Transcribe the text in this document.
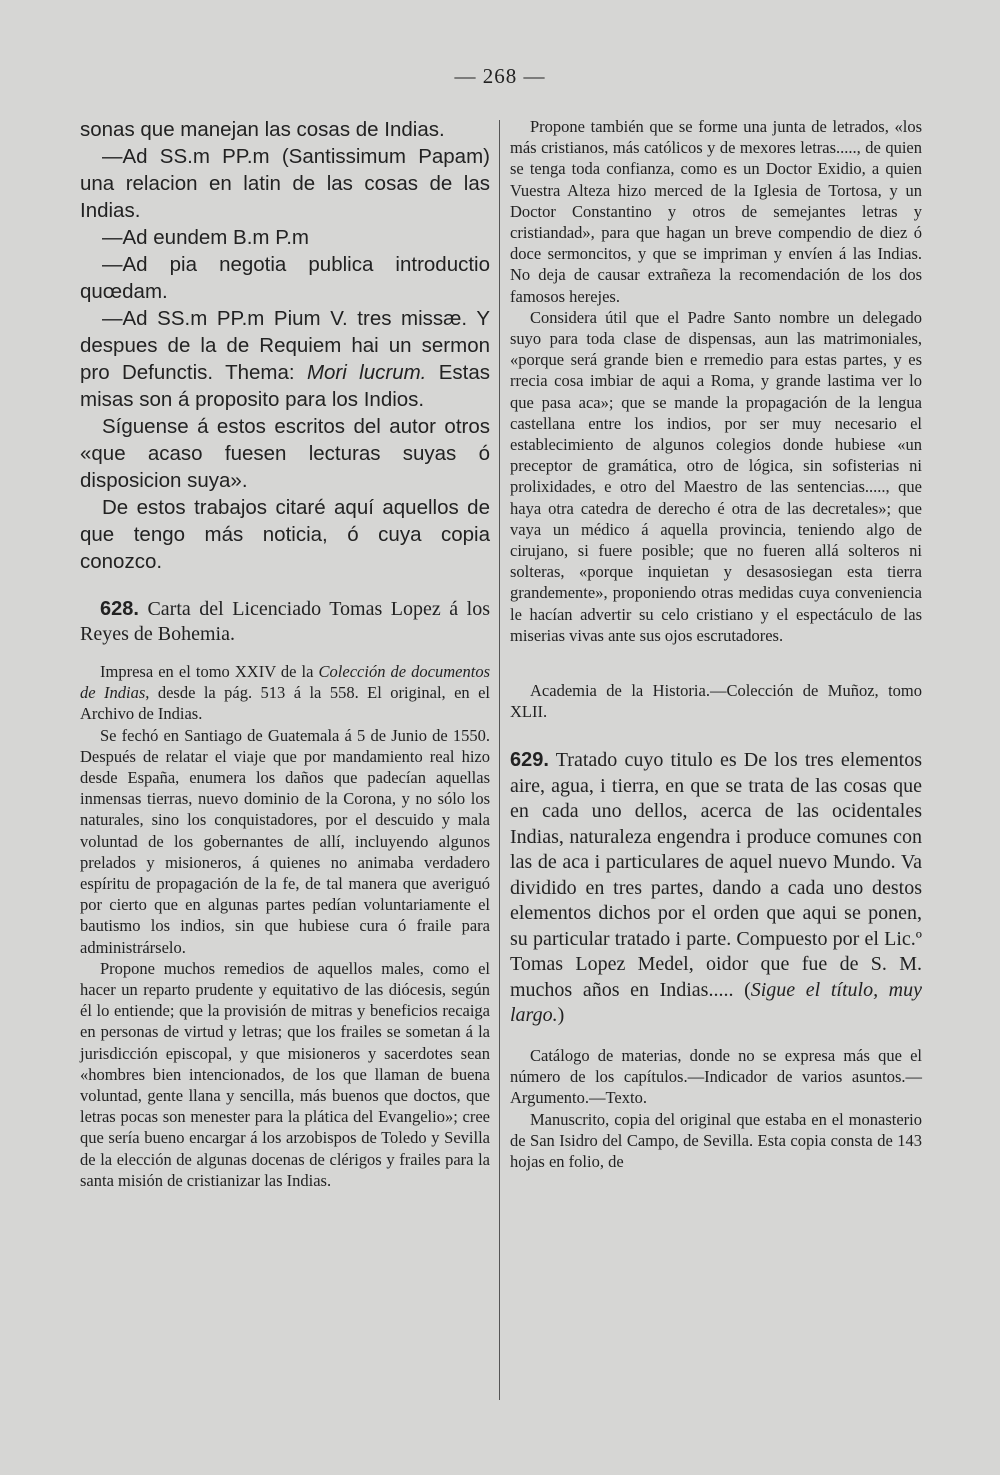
— 268 —

sonas que manejan las cosas de Indias.

—Ad SS.m PP.m (Santissimum Papam) una relacion en latin de las cosas de las Indias.

—Ad eundem B.m P.m

—Ad pia negotia publica introductio quœdam.

—Ad SS.m PP.m Pium V. tres missæ. Y despues de la de Requiem hai un sermon pro Defunctis. Thema: Mori lucrum. Estas misas son á proposito para los Indios.

Síguense á estos escritos del autor otros «que acaso fuesen lecturas suyas ó disposicion suya».

De estos trabajos citaré aquí aquellos de que tengo más noticia, ó cuya copia conozco.

628. Carta del Licenciado Tomas Lopez á los Reyes de Bohemia.

Impresa en el tomo XXIV de la Colección de documentos de Indias, desde la pág. 513 á la 558. El original, en el Archivo de Indias.

Se fechó en Santiago de Guatemala á 5 de Junio de 1550. Después de relatar el viaje que por mandamiento real hizo desde España, enumera los daños que padecían aquellas inmensas tierras, nuevo dominio de la Corona, y no sólo los naturales, sino los conquistadores, por el descuido y mala voluntad de los gobernantes de allí, incluyendo algunos prelados y misioneros, á quienes no animaba verdadero espíritu de propagación de la fe, de tal manera que averiguó por cierto que en algunas partes pedían voluntariamente el bautismo los indios, sin que hubiese cura ó fraile para administrárselo.

Propone muchos remedios de aquellos males, como el hacer un reparto prudente y equitativo de las diócesis, según él lo entiende; que la provisión de mitras y beneficios recaiga en personas de virtud y letras; que los frailes se sometan á la jurisdicción episcopal, y que misioneros y sacerdotes sean «hombres bien intencionados, de los que llaman de buena voluntad, gente llana y sencilla, más buenos que doctos, que letras pocas son menester para la plática del Evangelio»; cree que sería bueno encargar á los arzobispos de Toledo y Sevilla de la elección de algunas docenas de clérigos y frailes para la santa misión de cristianizar las Indias.

Propone también que se forme una junta de letrados, «los más cristianos, más católicos y de mexores letras....., de quien se tenga toda confianza, como es un Doctor Exidio, a quien Vuestra Alteza hizo merced de la Iglesia de Tortosa, y un Doctor Constantino y otros de semejantes letras y cristiandad», para que hagan un breve compendio de diez ó doce sermoncitos, y que se impriman y envíen á las Indias. No deja de causar extrañeza la recomendación de los dos famosos herejes.

Considera útil que el Padre Santo nombre un delegado suyo para toda clase de dispensas, aun las matrimoniales, «porque será grande bien e rremedio para estas partes, y es rrecia cosa imbiar de aqui a Roma, y grande lastima ver lo que pasa aca»; que se mande la propagación de la lengua castellana entre los indios, por ser muy necesario el establecimiento de algunos colegios donde hubiese «un preceptor de gramática, otro de lógica, sin sofisterias ni prolixidades, e otro del Maestro de las sentencias....., que haya otra catedra de derecho é otra de las decretales»; que vaya un médico á aquella provincia, teniendo algo de cirujano, si fuere posible; que no fueren allá solteros ni solteras, «porque inquietan y desasosiegan esta tierra grandemente», proponiendo otras medidas cuya conveniencia le hacían advertir su celo cristiano y el espectáculo de las miserias vivas ante sus ojos escrutadores.

Academia de la Historia.—Colección de Muñoz, tomo XLII.

629. Tratado cuyo titulo es De los tres elementos aire, agua, i tierra, en que se trata de las cosas que en cada uno dellos, acerca de las ocidentales Indias, naturaleza engendra i produce comunes con las de aca i particulares de aquel nuevo Mundo. Va dividido en tres partes, dando a cada uno destos elementos dichos por el orden que aqui se ponen, su particular tratado i parte. Compuesto por el Lic.º Tomas Lopez Medel, oidor que fue de S. M. muchos años en Indias..... (Sigue el título, muy largo.)

Catálogo de materias, donde no se expresa más que el número de los capítulos.—Indicador de varios asuntos.—Argumento.—Texto.

Manuscrito, copia del original que estaba en el monasterio de San Isidro del Campo, de Sevilla. Esta copia consta de 143 hojas en folio, de
